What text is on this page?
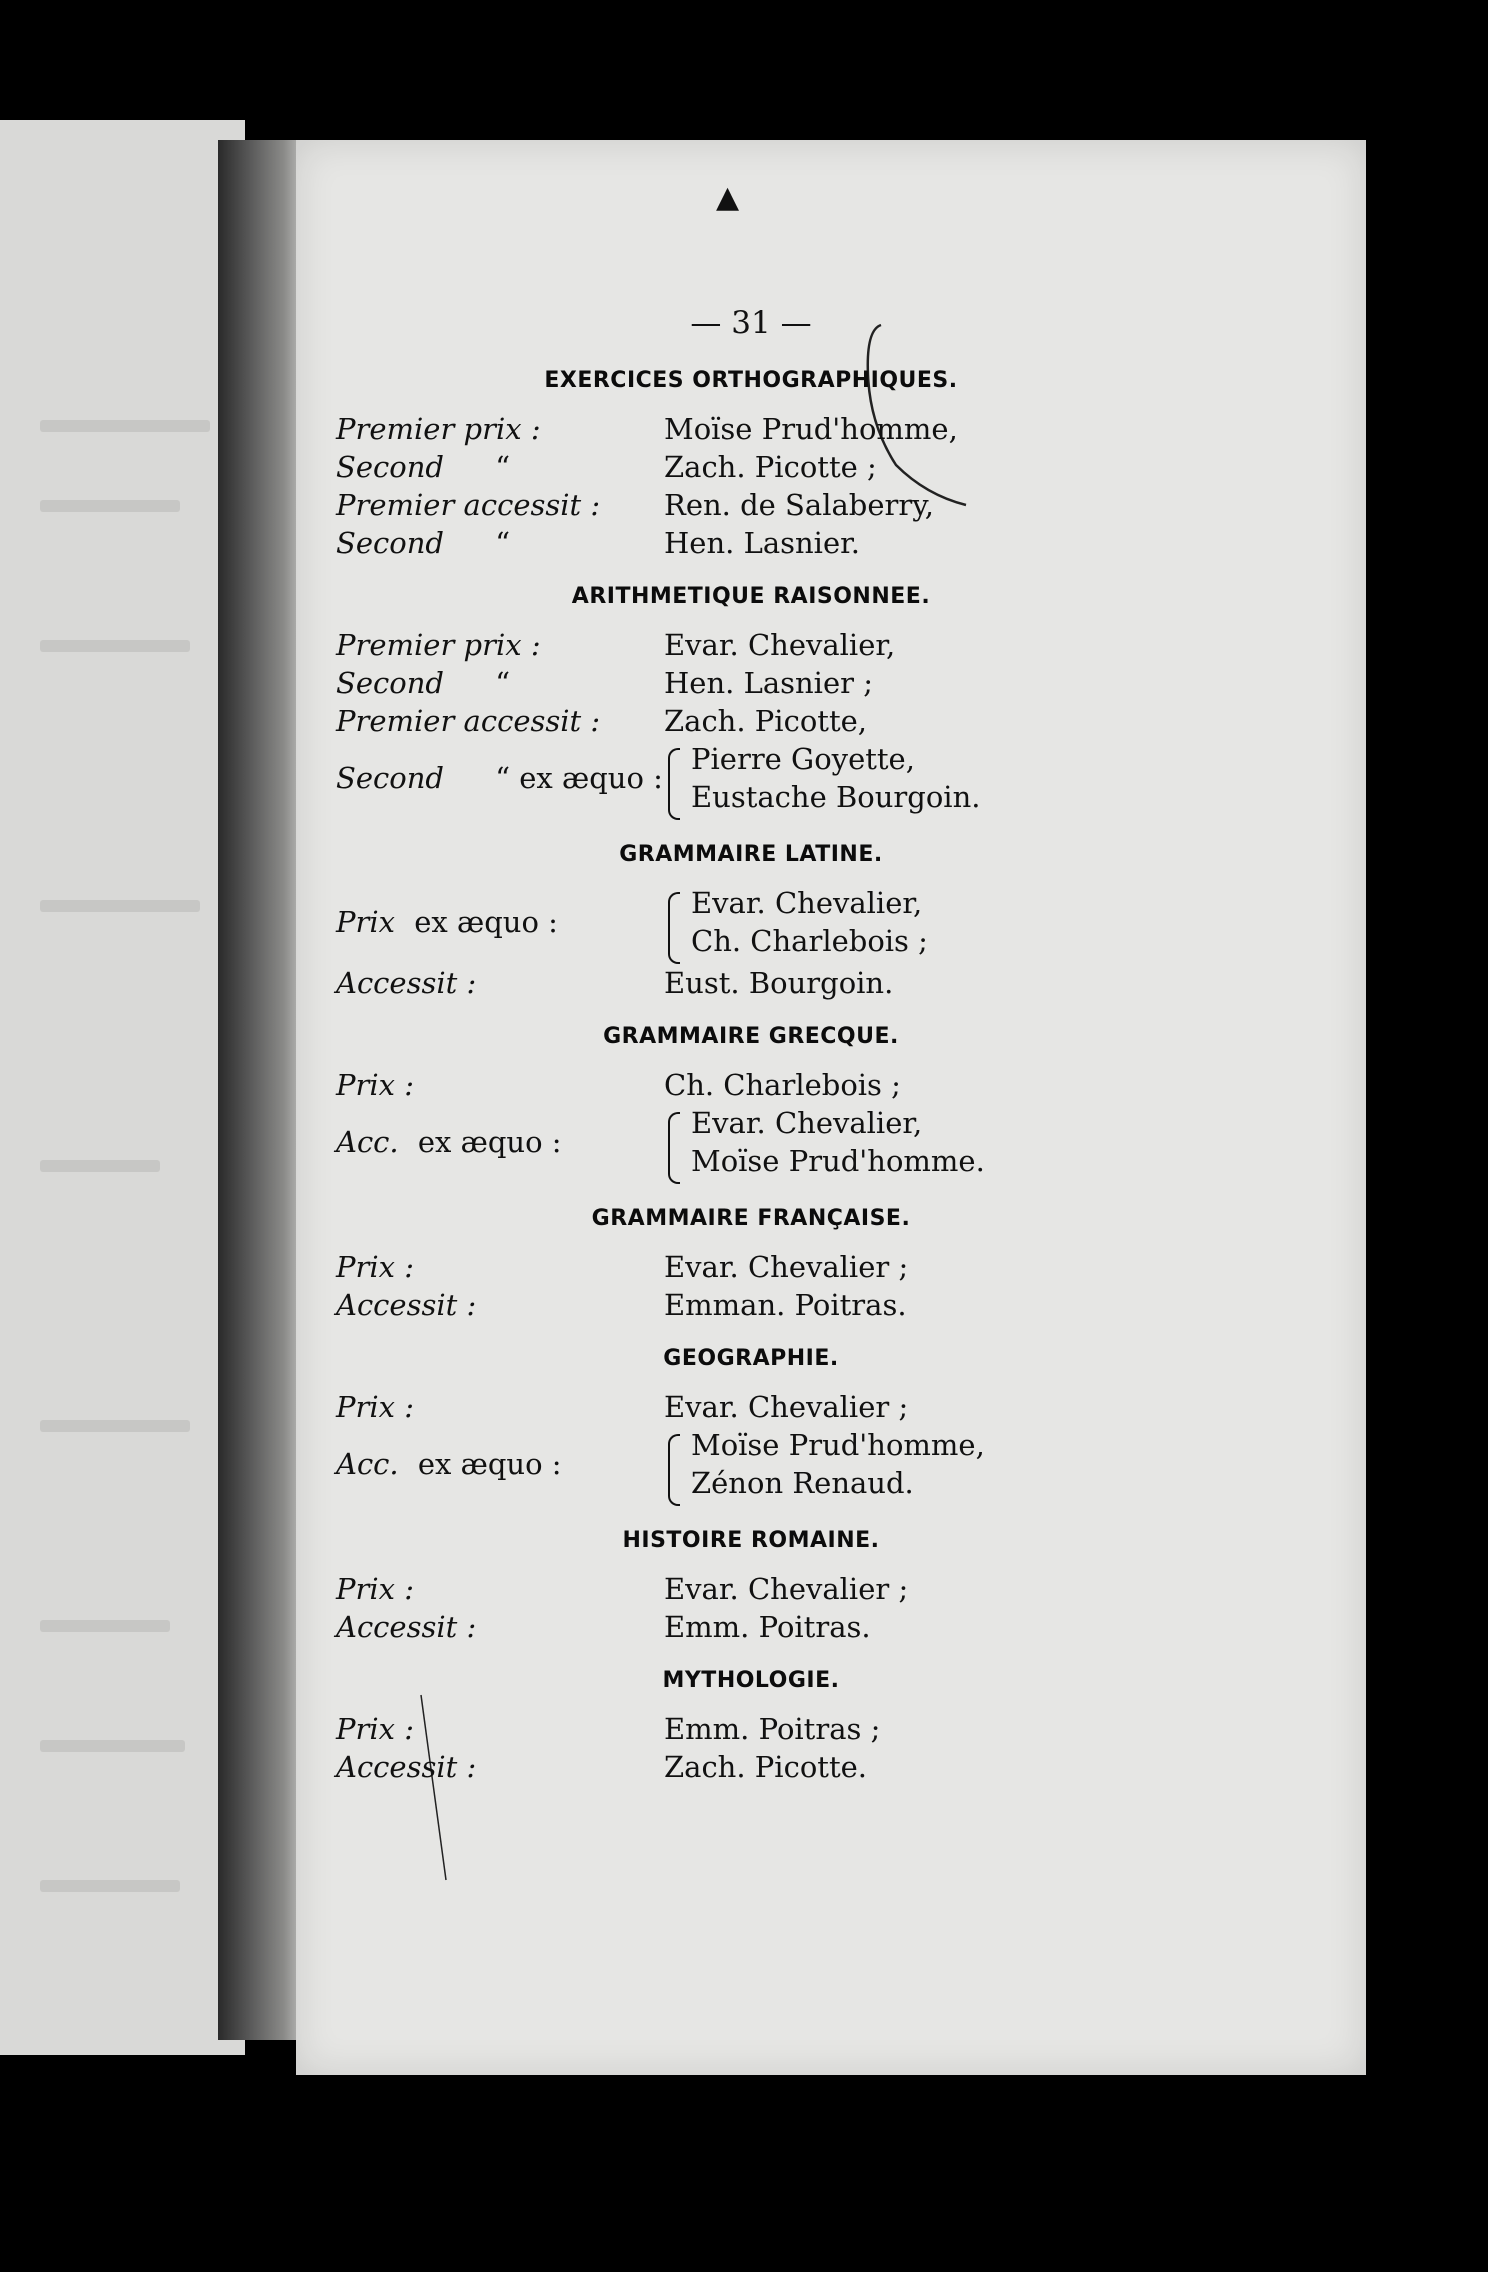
▲
— 31 —
EXERCICES ORTHOGRAPHIQUES.
Premier prix :	Moïse Prud'homme,
Second “	Zach. Picotte ;
Premier accessit : Ren. de Salaberry,
Second “	Hen. Lasnier.
ARITHMETIQUE RAISONNEE.
Premier prix :	Evar. Chevalier,
Second “	Hen. Lasnier ;
Premier accessit : Zach. Picotte,
Second “ ex æquo :
Pierre Goyette,
Eustache Bourgoin.
GRAMMAIRE LATINE.
Prix ex æquo :
Evar. Chevalier,
Ch. Charlebois ;
Accessit :	Eust. Bourgoin.
GRAMMAIRE GRECQUE.
Prix :	Ch. Charlebois ;
Acc. ex æquo :
Evar. Chevalier,
Moïse Prud'homme.
GRAMMAIRE FRANÇAISE.
Prix :	Evar. Chevalier ;
Accessit :	Emman. Poitras.
GEOGRAPHIE.
Prix :	Evar. Chevalier ;
Acc. ex æquo :
Moïse Prud'homme,
Zénon Renaud.
HISTOIRE ROMAINE.
Prix :	Evar. Chevalier ;
Accessit :	Emm. Poitras.
MYTHOLOGIE.
Prix :	Emm. Poitras ;
Accessit :	Zach. Picotte.
